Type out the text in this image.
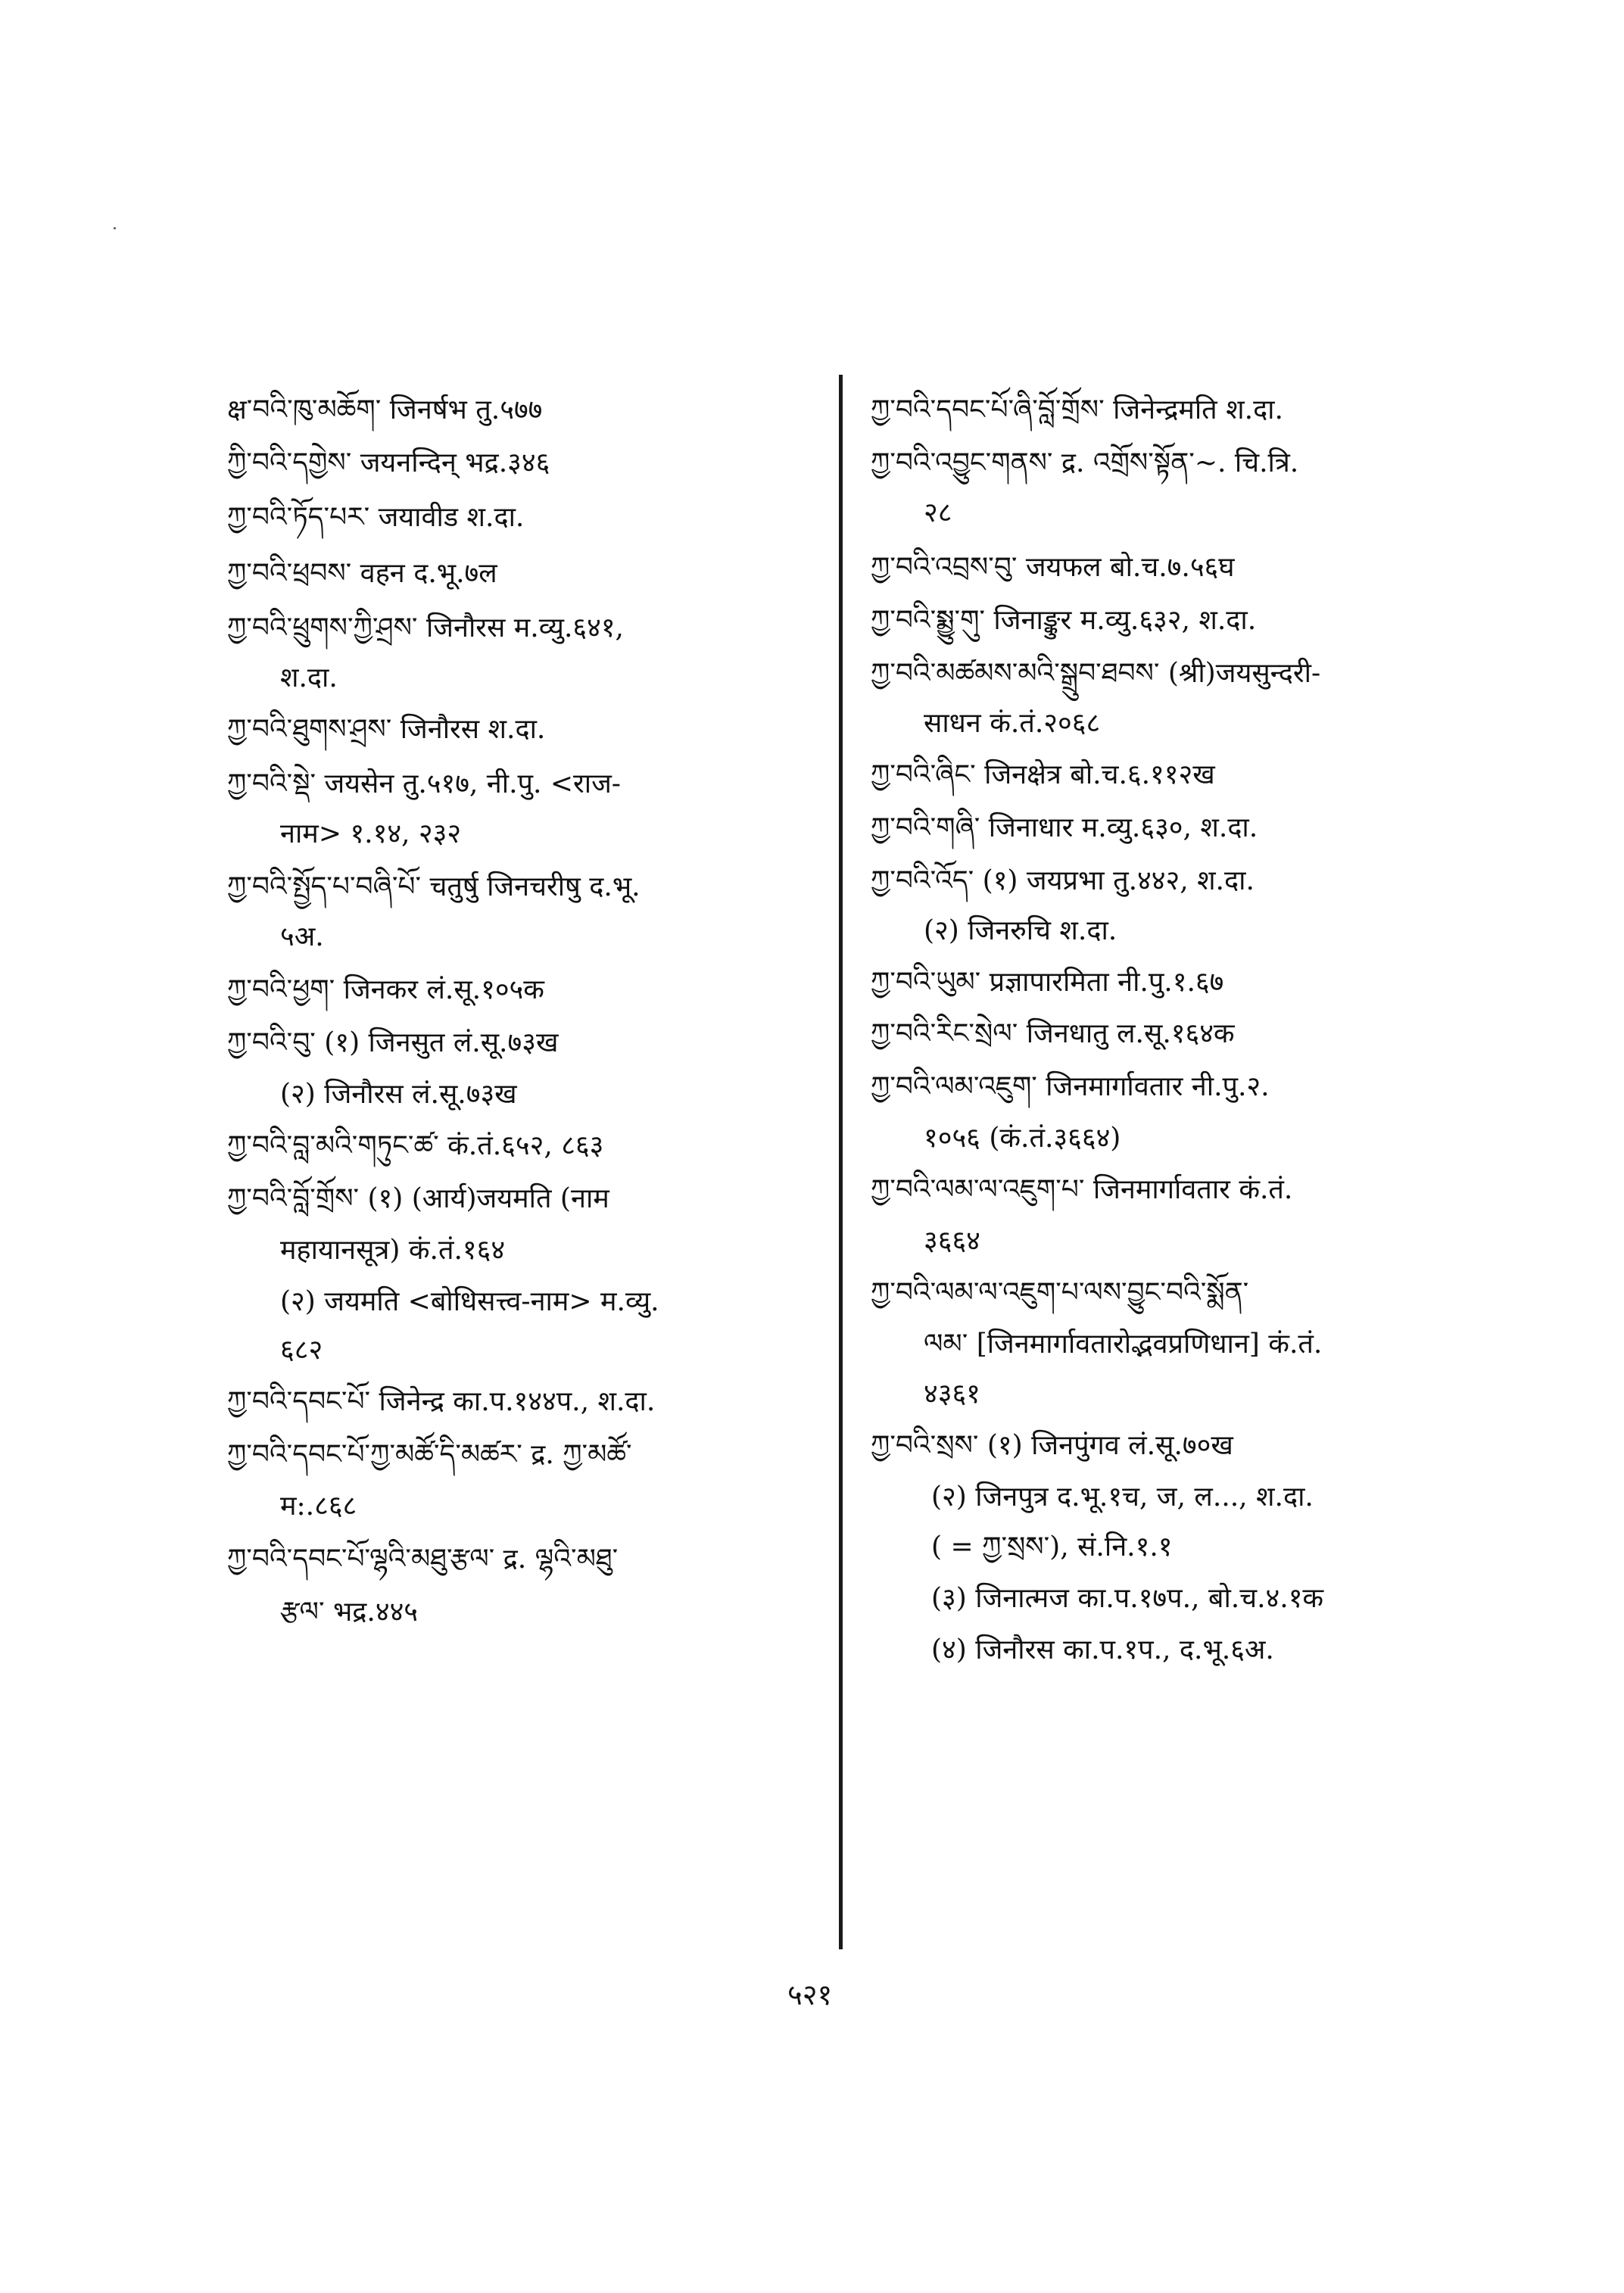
क्ष་བའི་ཁུ་མཆོག་ जिनर्षभ तु.५७७
ཀྱི་བའི་དགྱེས་ जयनन्दिन् भद्र.३४६
ཀྱ་བའི་ཏོད་པར་ जयावीड श.दा.
ཀྱ་བའི་ཕྲབས་ वहन द.भू.७ल
ཀྱ་བའི་ཕྲུགས་ཀྱི་ཤྲས་ जिनौरस म.व्यु.६४१,
श.दा.
ཀྱ་བའི་ཐུགས་ཤྲས་ जिनौरस श.दा.
ཀྱ་བའི་སྡེ་ जयसेन तु.५१७, नी.पु. <राज-
नाम> १.१४, २३२
ཀྱ་བའི་སྤྱོད་པ་བཞི་པོ་ चतुर्षु जिनचरीषु द.भू.
५अ.
ཀྱ་བའི་ཕྱག་ जिनकर लं.सू.१०५क
ཀྱ་བའི་བུ་ (१) जिनसुत लं.सू.७३ख
(२) जिनौरस लं.सू.७३ख
ཀྱ་བའི་བླ་མའི་གཏུང་ཚ་ कं.तं.६५२, ८६३
ཀྱ་བའི་བློ་གྲོས་ (१) (आर्य)जयमति (नाम
महायानसूत्र) कं.तं.१६४
(२) जयमति <बोधिसत्त्व-नाम> म.व्यु.
६८२
ཀྱ་བའི་དབང་པོ་ जिनेन्द्र का.प.१४४प., श.दा.
ཀྱ་བའི་དབང་པོ་ཀྱ་མཚོ་དི་མཚར་ द्र. ཀྱ་མཚོ་
म:.८६८
ཀྱ་བའི་དབང་པོ་ལྷའི་མཐུ་རྩལ་ द्र. ལྷའི་མཐུ་
རྩལ་ भद्र.४४५
ཀྱ་བའི་དབང་པོ་ཞི་བློ་གྲོས་ जिनेन्द्रमति श.दा.
ཀྱ་བའི་འབྱུང་གནས་ द्र. འགྲོས་སྟོན་~. चि.त्रि.
२८
ཀྱ་བའི་འབྲས་བུ་ जयफल बो.च.७.५६घ
ཀྱ་བའི་སྨྱུ་གུ་ जिनाङ्कुर म.व्यु.६३२, श.दा.
ཀྱ་བའི་མཚམས་མའི་སྒྲུབ་ཐབས་ (श्री)जयसुन्दरी-
साधन कं.तं.२०६८
ཀྱ་བའི་ཞིང་ जिनक्षेत्र बो.च.६.११२ख
ཀྱ་བའི་གཞི་ जिनाधार म.व्यु.६३०, श.दा.
ཀྱ་བའི་འོད་ (१) जयप्रभा तु.४४२, श.दा.
(२) जिनरुचि श.दा.
ཀྱ་བའི་ཡུམ་ प्रज्ञापारमिता नी.पु.१.६७
ཀྱ་བའི་རིང་སྲེལ་ जिनधातु ल.सू.१६४क
ཀྱ་བའི་ལམ་འཇུག་ जिनमार्गावतार नी.पु.२.
१०५६ (कं.तं.३६६४)
ཀྱ་བའི་ལམ་ལ་འཇུག་པ་ जिनमार्गावतार कं.तं.
३६६४
ཀྱ་བའི་ལམ་ལ་འཇུག་པ་ལས་བྱུང་བའི་སྨོན་
ལམ་ [जिनमार्गावतारोद्भवप्रणिधान] कं.तं.
४३६१
ཀྱ་བའི་སྲས་ (१) जिनपुंगव लं.सू.७०ख
(२) जिनपुत्र द.भू.१च, ज, ल..., श.दा.
( = ཀྱ་སྲས་), सं.नि.१.१
(३) जिनात्मज का.प.१७प., बो.च.४.१क
(४) जिनौरस का.प.१प., द.भू.६अ.
५२१
